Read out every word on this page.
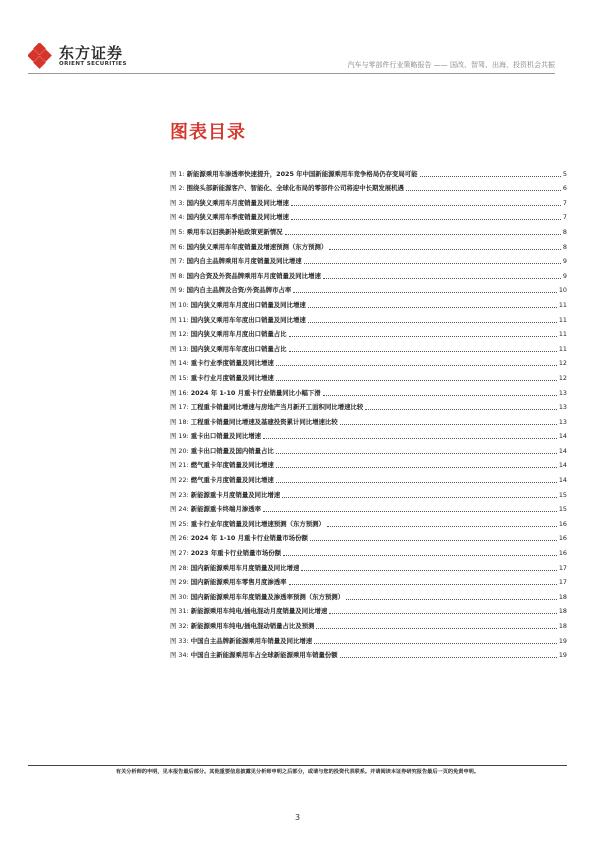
东方证券
ORIENT SECURITIES	汽车与零部件行业策略报告 —— 国改、智驾、出海，投资机会共振
图表目录
图 1: 新能源乘用车渗透率快速提升，2025 年中国新能源乘用车竞争格局仍存变局可能	5
图 2: 围绕头部新能源客户、智能化、全球化布局的零部件公司将迎中长期发展机遇	6
图 3: 国内狭义乘用车月度销量及同比增速	7
图 4: 国内狭义乘用车季度销量及同比增速	7
图 5: 乘用车以旧换新补贴政策更新情况	8
图 6: 国内狭义乘用车年度销量及增速预测（东方预测）	8
图 7: 国内自主品牌乘用车月度销量及同比增速	9
图 8: 国内合资及外资品牌乘用车月度销量及同比增速	9
图 9: 国内自主品牌及合资/外资品牌市占率	10
图 10: 国内狭义乘用车月度出口销量及同比增速	11
图 11: 国内狭义乘用车年度出口销量及同比增速	11
图 12: 国内狭义乘用车月度出口销量占比	11
图 13: 国内狭义乘用车年度出口销量占比	11
图 14: 重卡行业季度销量及同比增速	12
图 15: 重卡行业月度销量及同比增速	12
图 16: 2024 年 1-10 月重卡行业销量同比小幅下滑	13
图 17: 工程重卡销量同比增速与房地产当月新开工面积同比增速比较	13
图 18: 工程重卡销量同比增速及基建投资累计同比增速比较	13
图 19: 重卡出口销量及同比增速	14
图 20: 重卡出口销量及国内销量占比	14
图 21: 燃气重卡年度销量及同比增速	14
图 22: 燃气重卡月度销量及同比增速	14
图 23: 新能源重卡月度销量及同比增速	15
图 24: 新能源重卡终端月渗透率	15
图 25: 重卡行业年度销量及同比增速预测（东方预测）	16
图 26: 2024 年 1-10 月重卡行业销量市场份额	16
图 27: 2023 年重卡行业销量市场份额	16
图 28: 国内新能源乘用车月度销量及同比增速	17
图 29: 国内新能源乘用车零售月度渗透率	17
图 30: 国内新能源乘用车年度销量及渗透率预测（东方预测）	18
图 31: 新能源乘用车纯电/插电混动月度销量及同比增速	18
图 32: 新能源乘用车纯电/插电混动销量占比及预测	18
图 33: 中国自主品牌新能源乘用车销量及同比增速	19
图 34: 中国自主新能源乘用车占全球新能源乘用车销量份额	19
有关分析师的申明，见本报告最后部分。其他重要信息披露见分析师申明之后部分，或请与您的投资代表联系。并请阅读本证券研究报告最后一页的免责申明。
3
